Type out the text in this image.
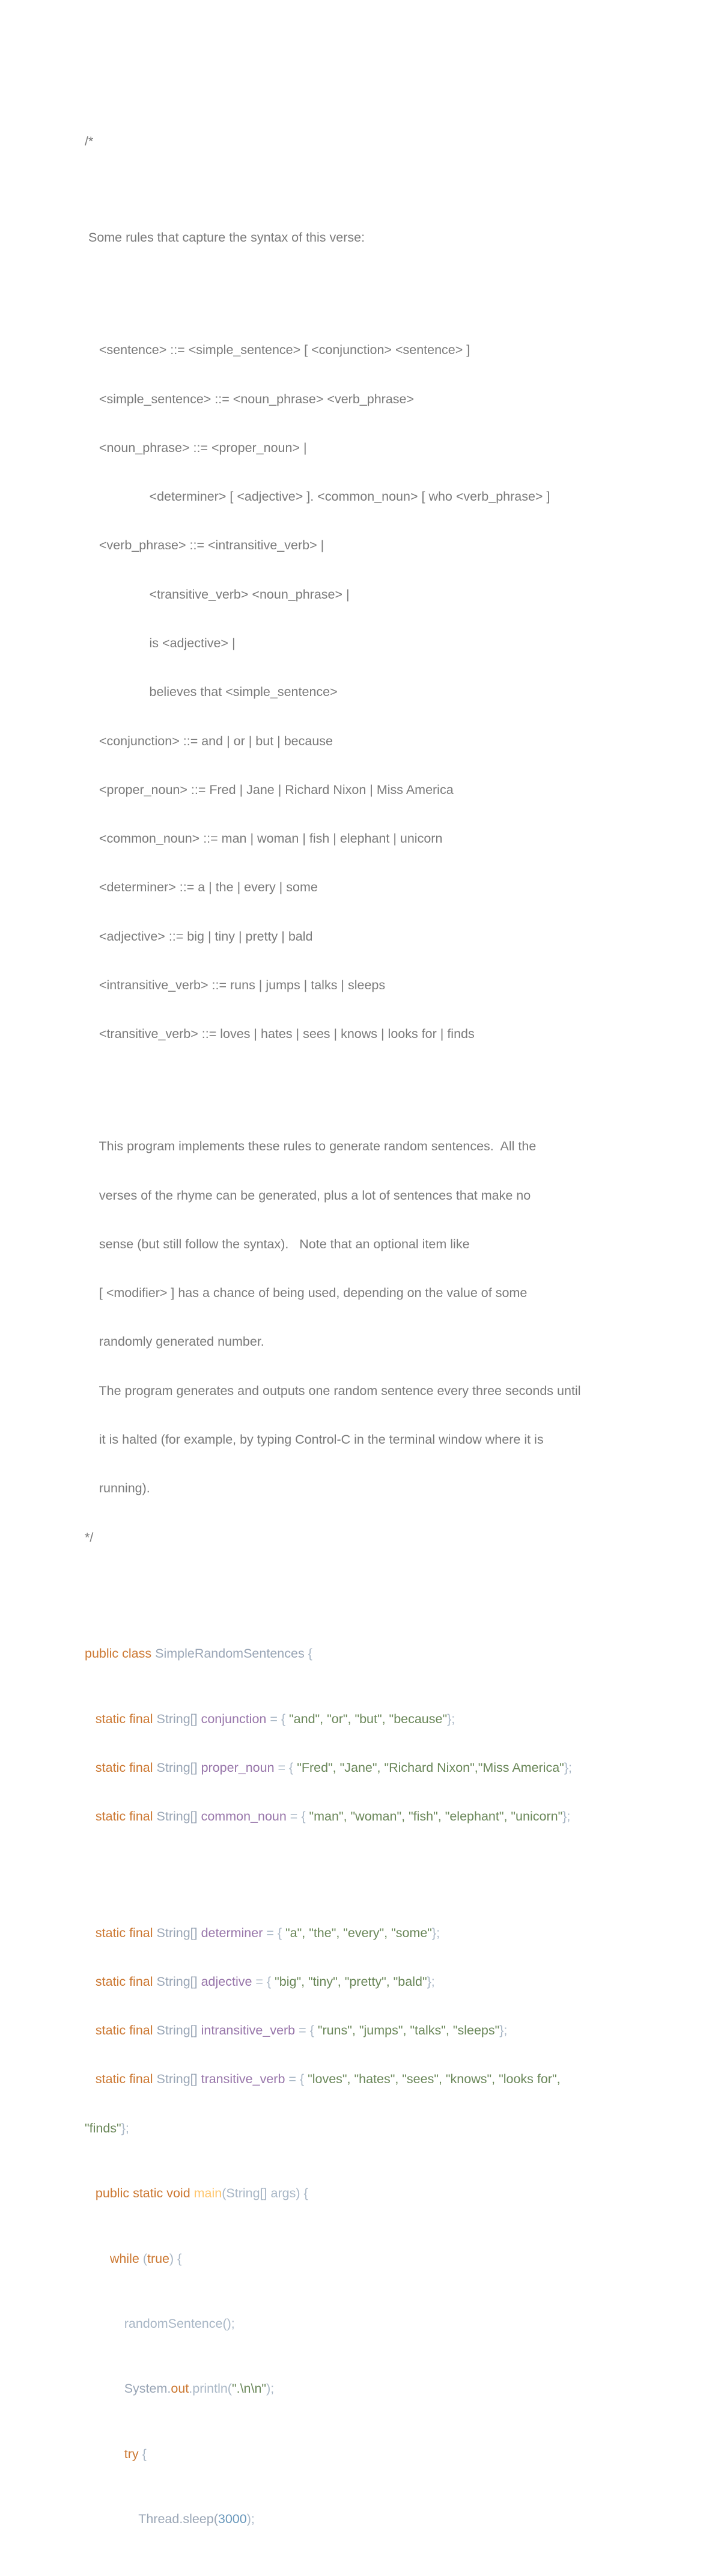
/*

Some rules that capture the syntax of this verse:

<sentence> ::= <simple_sentence> [ <conjunction> <sentence> ]

<simple_sentence> ::= <noun_phrase> <verb_phrase>

<noun_phrase> ::= <proper_noun> |

<determiner> [ <adjective> ]. <common_noun> [ who <verb_phrase> ]

<verb_phrase> ::= <intransitive_verb> |

<transitive_verb> <noun_phrase> |

is <adjective> |

believes that <simple_sentence>

<conjunction> ::= and | or | but | because

<proper_noun> ::= Fred | Jane | Richard Nixon | Miss America

<common_noun> ::= man | woman | fish | elephant | unicorn

<determiner> ::= a | the | every | some

<adjective> ::= big | tiny | pretty | bald

<intransitive_verb> ::= runs | jumps | talks | sleeps

<transitive_verb> ::= loves | hates | sees | knows | looks for | finds

This program implements these rules to generate random sentences.  All the

verses of the rhyme can be generated, plus a lot of sentences that make no

sense (but still follow the syntax).   Note that an optional item like

[ <modifier> ] has a chance of being used, depending on the value of some

randomly generated number.

The program generates and outputs one random sentence every three seconds until

it is halted (for example, by typing Control-C in the terminal window where it is

running).

*/

public class SimpleRandomSentences {

static final String[] conjunction = { "and", "or", "but", "because"};

static final String[] proper_noun = { "Fred", "Jane", "Richard Nixon","Miss America"};

static final String[] common_noun = { "man", "woman", "fish", "elephant", "unicorn"};

static final String[] determiner = { "a", "the", "every", "some"};

static final String[] adjective = { "big", "tiny", "pretty", "bald"};

static final String[] intransitive_verb = { "runs", "jumps", "talks", "sleeps"};

static final String[] transitive_verb = { "loves", "hates", "sees", "knows", "looks for",

"finds"};

public static void main(String[] args) {

while (true) {

randomSentence();

System.out.println(".\n\n");

try {

Thread.sleep(3000);
